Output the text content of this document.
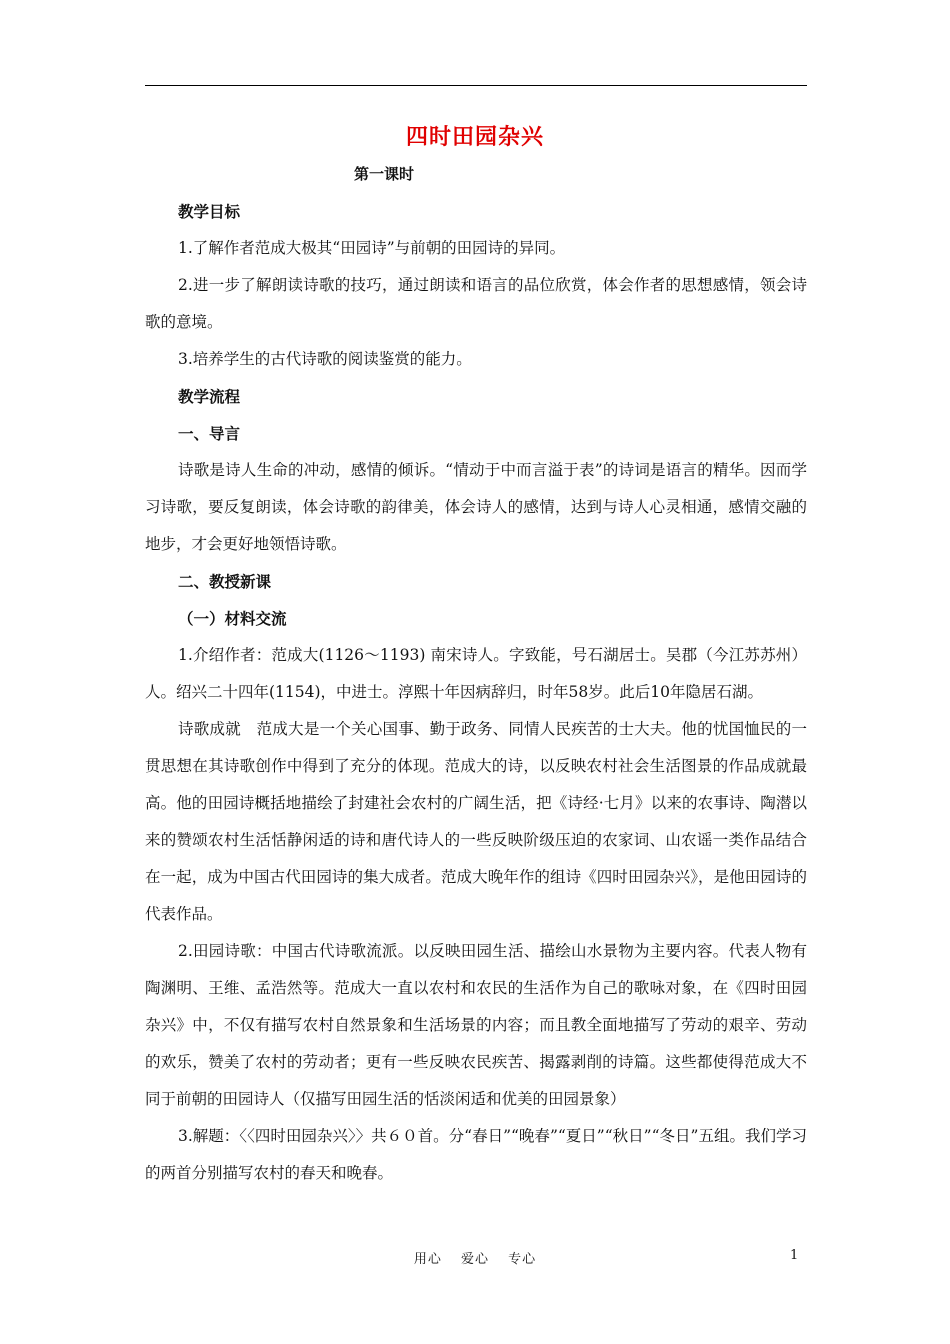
四时田园杂兴
第一课时

教学目标

1.了解作者范成大极其“田园诗”与前朝的田园诗的异同。

2.进一步了解朗读诗歌的技巧，通过朗读和语言的品位欣赏，体会作者的思想感情，领会诗歌的意境。

3.培养学生的古代诗歌的阅读鉴赏的能力。

教学流程

一、导言

诗歌是诗人生命的冲动，感情的倾诉。“情动于中而言溢于表”的诗词是语言的精华。因而学习诗歌，要反复朗读，体会诗歌的韵律美，体会诗人的感情，达到与诗人心灵相通，感情交融的地步，才会更好地领悟诗歌。

二、教授新课

（一）材料交流

1.介绍作者：范成大(1126～1193) 南宋诗人。字致能，号石湖居士。吴郡（今江苏苏州）人。绍兴二十四年(1154)，中进士。淳熙十年因病辞归，时年58岁。此后10年隐居石湖。

诗歌成就　范成大是一个关心国事、勤于政务、同情人民疾苦的士大夫。他的忧国恤民的一贯思想在其诗歌创作中得到了充分的体现。范成大的诗，以反映农村社会生活图景的作品成就最高。他的田园诗概括地描绘了封建社会农村的广阔生活，把《诗经·七月》以来的农事诗、陶潜以来的赞颂农村生活恬静闲适的诗和唐代诗人的一些反映阶级压迫的农家词、山农谣一类作品结合在一起，成为中国古代田园诗的集大成者。范成大晚年作的组诗《四时田园杂兴》，是他田园诗的代表作品。

2.田园诗歌：中国古代诗歌流派。以反映田园生活、描绘山水景物为主要内容。代表人物有陶渊明、王维、孟浩然等。范成大一直以农村和农民的生活作为自己的歌咏对象，在《四时田园杂兴》中，不仅有描写农村自然景象和生活场景的内容；而且教全面地描写了劳动的艰辛、劳动的欢乐，赞美了农村的劳动者；更有一些反映农民疾苦、揭露剥削的诗篇。这些都使得范成大不同于前朝的田园诗人（仅描写田园生活的恬淡闲适和优美的田园景象）

3.解题：〈〈四时田园杂兴〉〉共６０首。分“春日”“晚春”“夏日”“秋日”“冬日”五组。我们学习的两首分别描写农村的春天和晚春。

用心 爱心 专心	1
